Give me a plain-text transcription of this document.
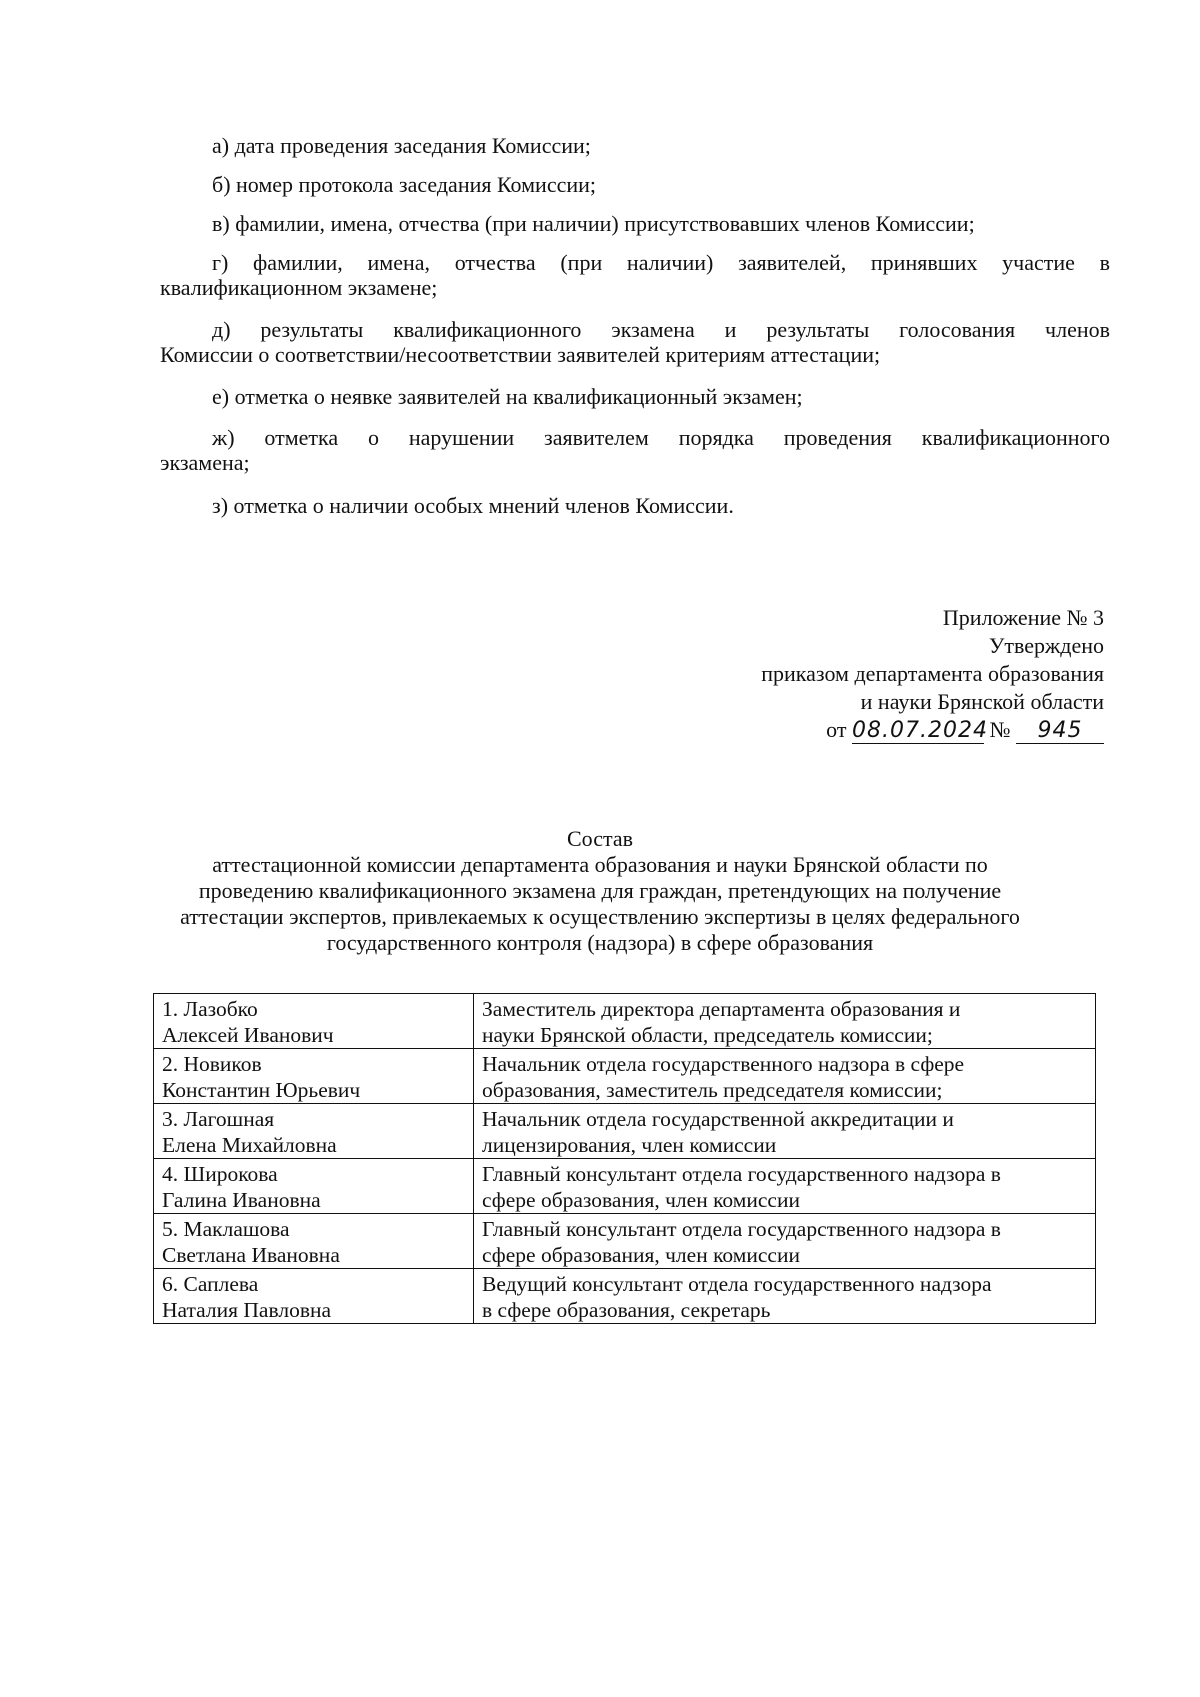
а) дата проведения заседания Комиссии;
б) номер протокола заседания Комиссии;
в) фамилии, имена, отчества (при наличии) присутствовавших членов Комиссии;
г) фамилии, имена, отчества (при наличии) заявителей, принявших участие в
квалификационном экзамене;
д) результаты квалификационного экзамена и результаты голосования членов
Комиссии о соответствии/несоответствии заявителей критериям аттестации;
е) отметка о неявке заявителей на квалификационный экзамен;
ж) отметка о нарушении заявителем порядка проведения квалификационного
экзамена;
з) отметка о наличии особых мнений членов Комиссии.
Приложение № 3
Утверждено
приказом департамента образования
и науки Брянской области
от 08.07.2024 № 945
Состав
аттестационной комиссии департамента образования и науки Брянской области по
проведению квалификационного экзамена для граждан, претендующих на получение
аттестации экспертов, привлекаемых к осуществлению экспертизы в целях федерального
государственного контроля (надзора) в сфере образования
1. Лазобко
Алексей Иванович	Заместитель директора департамента образования и
науки Брянской области, председатель комиссии;

2. Новиков
Константин Юрьевич	Начальник отдела государственного надзора в сфере
образования, заместитель председателя комиссии;

3. Лагошная
Елена Михайловна	Начальник отдела государственной аккредитации и
лицензирования, член комиссии

4. Широкова
Галина Ивановна	Главный консультант отдела государственного надзора в
сфере образования, член комиссии

5. Маклашова
Светлана Ивановна	Главный консультант отдела государственного надзора в
сфере образования, член комиссии

6. Саплева
Наталия Павловна	Ведущий консультант отдела государственного надзора
в сфере образования, секретарь
